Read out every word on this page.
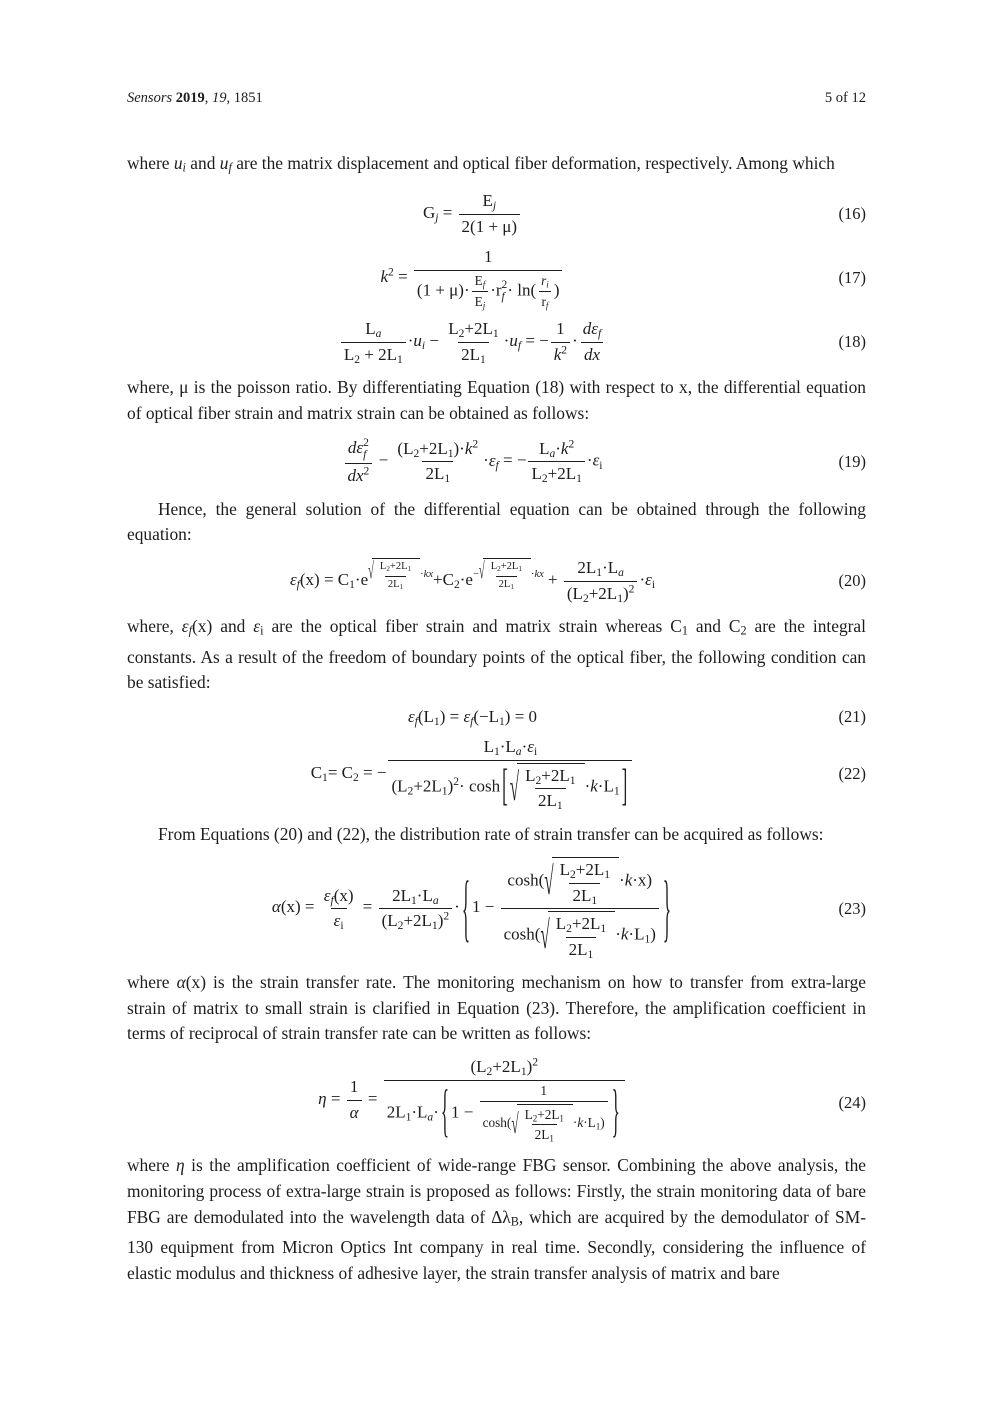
Sensors 2019, 19, 1851	5 of 12

where ui and uf are the matrix displacement and optical fiber deformation, respectively. Among which

$G_j = \frac{E_j}{2(1 + \mu)}$	(16)
$k^2$ =
1
$(1 + \mu)\cdot \frac{E_f}{E_j} \cdot r$ 2
$f \cdot \ln( \frac{r_i}{r_f}$ )
(17)
$\frac{L_a}{L_2 + 2L_1} \cdot u_i - \frac{L_2+2L_1}{2L_1} \cdot u_f$ = − $\frac{1}{k^2}$ ·
$d\varepsilon_f$
dx
(18)

where, μ is the poisson ratio. By differentiating Equation (18) with respect to x, the differential equation of optical fiber strain and matrix strain can be obtained as follows:

dε 2
f
$dx^2 - \frac{(L_2+2L_1)\cdot k^2}{2L_1} \cdot\varepsilon_f$ = − $\frac{L_a\cdot k^2}{L_2+2L_1} \cdot\varepsilon_i$	(19)

Hence, the general solution of the differential equation can be obtained through the following equation:

$\varepsilon_f(x) = C_1\cdot e$ $^{√ \frac{L_2+2L_1}{2L_1} \cdot kx}+C_2\cdot e^{- √ \frac{L_2+2L_1}{2L_1} \cdot kx} + \frac{2L_1\cdot L_a}{(L_2+2L_1)^2} \cdot\varepsilon_i$	(20)

where, εf(x) and εi are the optical fiber strain and matrix strain whereas C1 and C2 are the integral constants. As a result of the freedom of boundary points of the optical fiber, the following condition can be satisfied:

$\varepsilon_f(L_1) = \varepsilon_f(-L_1) = 0$	(21)
$C_1= C_2$ = − $\frac{L_1\cdot L_a\cdot\varepsilon_i}{(L_2+2L_1)^2\cdot \cosh [ √ \frac{L_2+2L_1}{2L_1} \cdot k\cdot L_1 ]}$	(22)

From Equations (20) and (22), the distribution rate of strain transfer can be acquired as follows:

$\alpha(x) = \frac{\varepsilon_f(x)}{\varepsilon_i} = \frac{2L_1\cdot L_a}{(L_2+2L_1)^2}$ · { $1 - \frac{\cosh( √ \frac{L_2+2L_1}{2L_1} \cdot k\cdot x)}{\cosh( √ \frac{L_2+2L_1}{2L_1} \cdot k\cdot L_1)}$ }	(23)

where α(x) is the strain transfer rate. The monitoring mechanism on how to transfer from extra-large strain of matrix to small strain is clarified in Equation (23). Therefore, the amplification coefficient in terms of reciprocal of strain transfer rate can be written as follows:

$\eta = \frac{1}{\alpha} = \frac{(L_2+2L_1)^2}{2L_1\cdot L_a\cdot \{ 1 - \frac{1}{\cosh( √ \frac{L_2+2L_1}{2L_1} \cdot k\cdot L_1)} \}}$	(24)

where η is the amplification coefficient of wide-range FBG sensor. Combining the above analysis, the monitoring process of extra-large strain is proposed as follows: Firstly, the strain monitoring data of bare FBG are demodulated into the wavelength data of ΔλB, which are acquired by the demodulator of SM-130 equipment from Micron Optics Int company in real time. Secondly, considering the influence of elastic modulus and thickness of adhesive layer, the strain transfer analysis of matrix and bare
